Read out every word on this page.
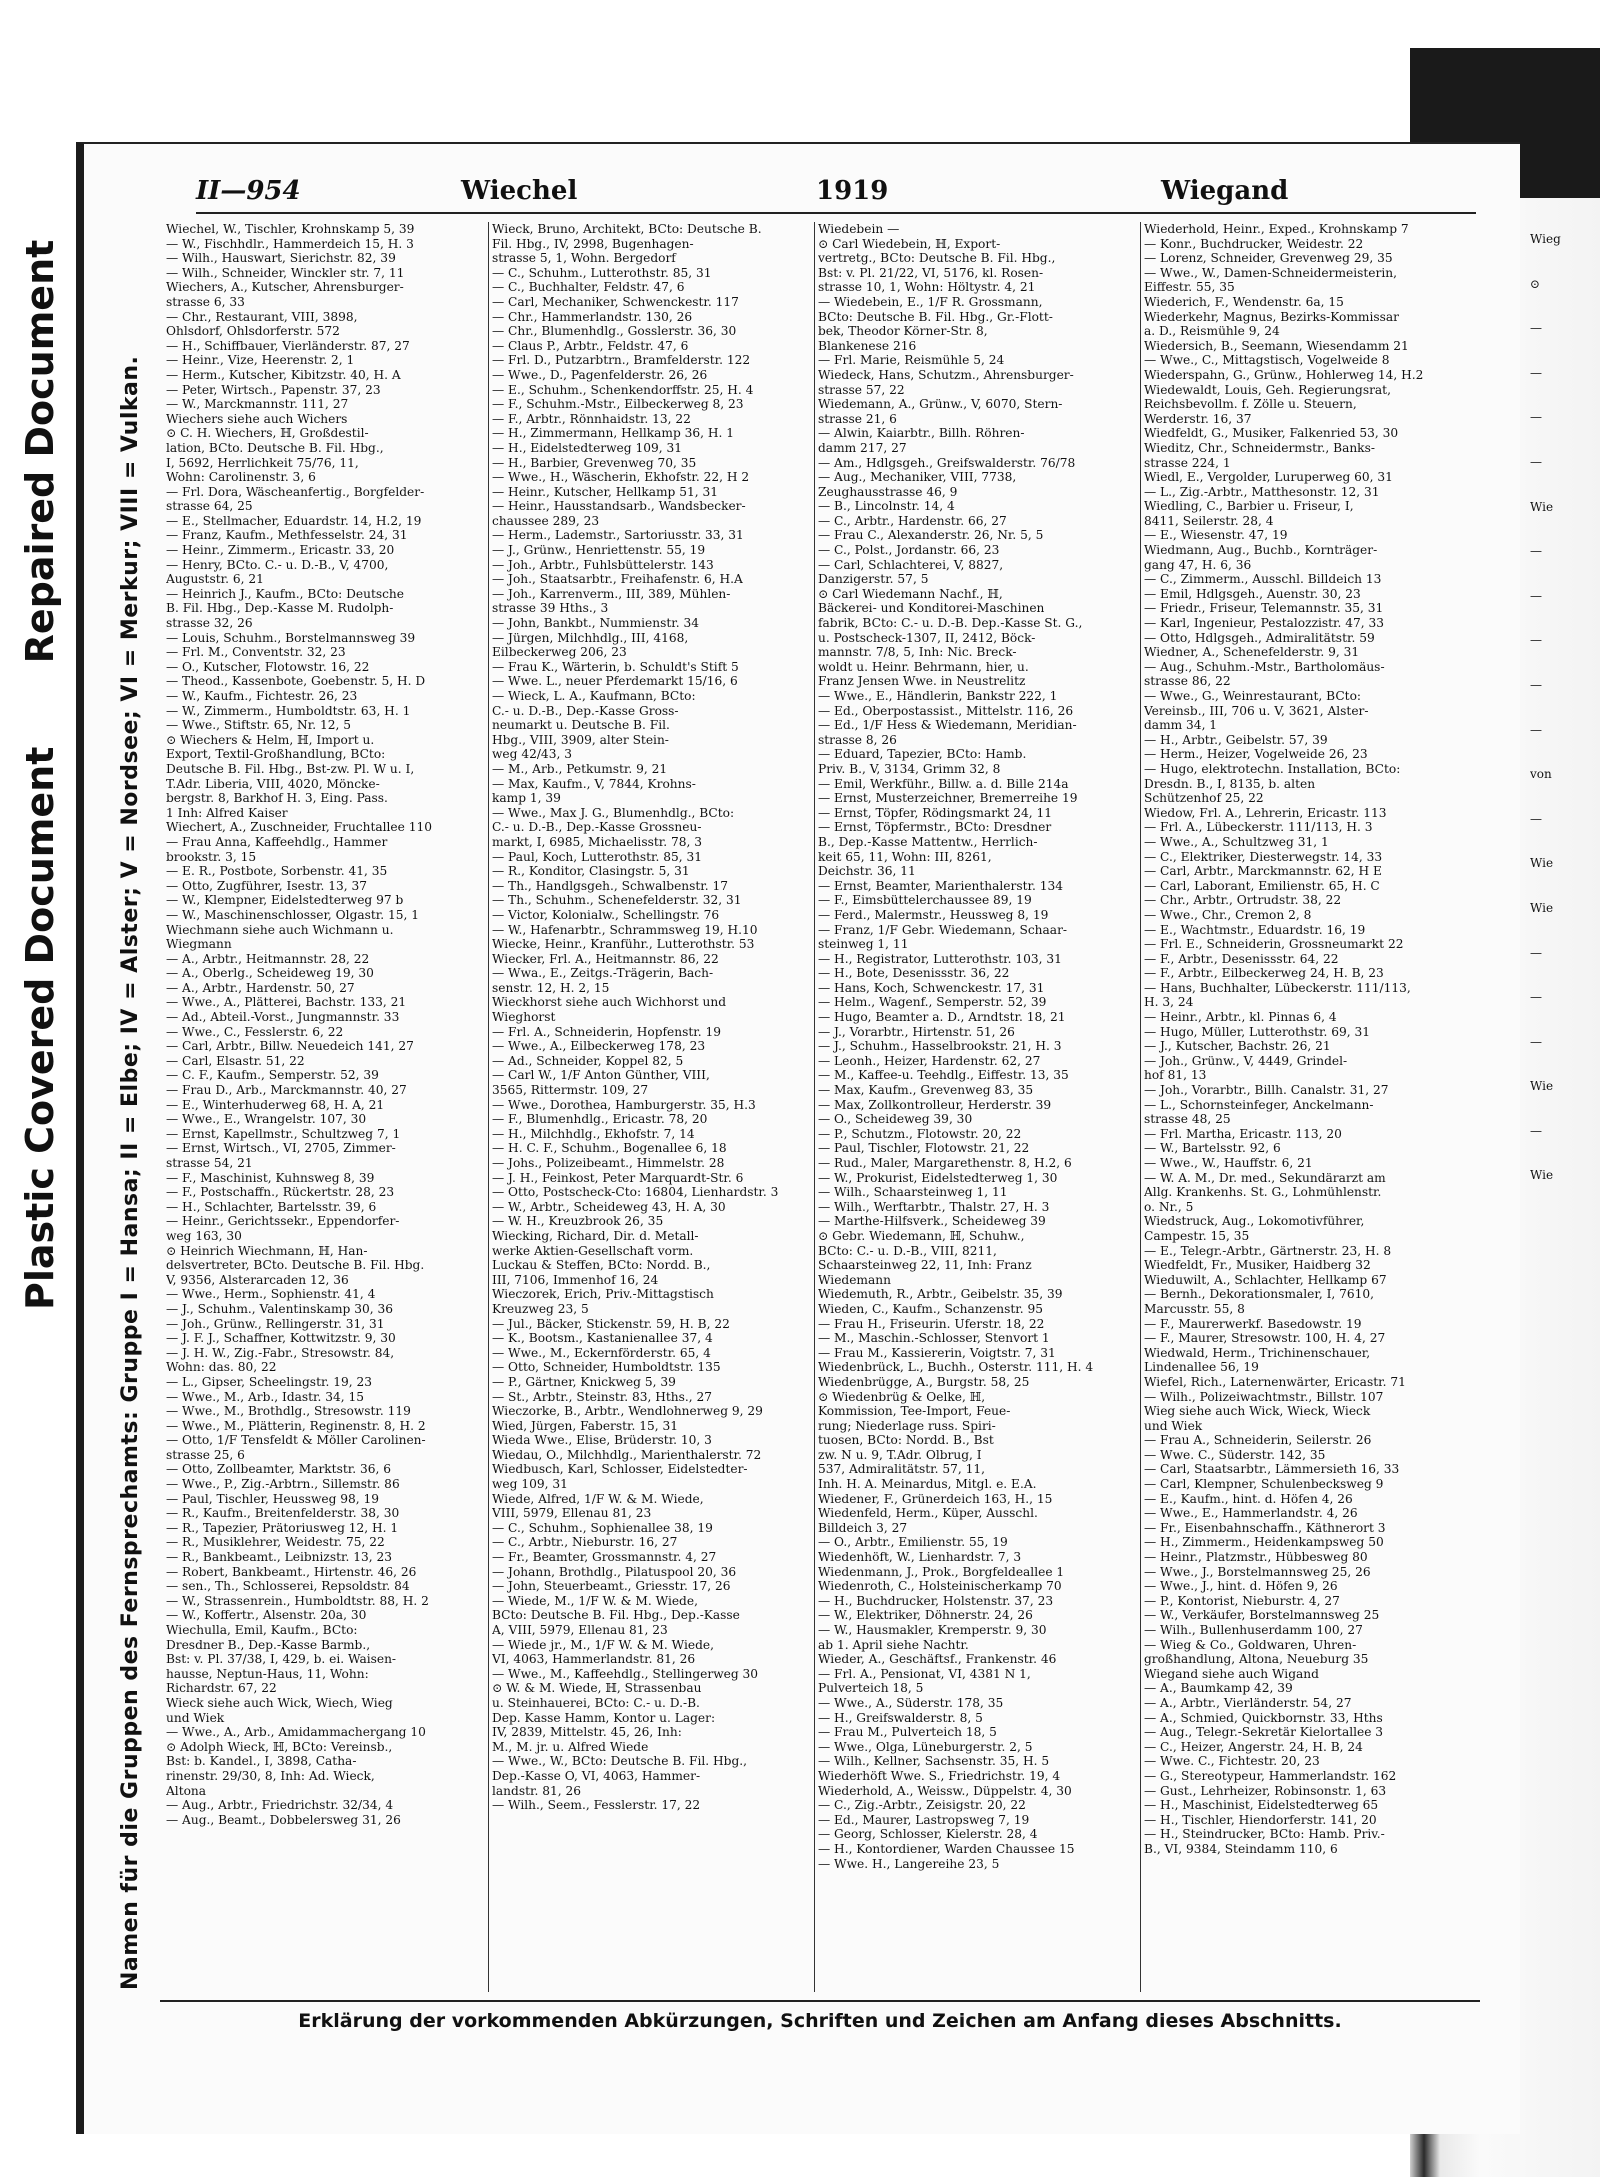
Plastic Covered Document Repaired Document	Namen für die Gruppen des Fernsprechamts: Gruppe I = Hansa; II = Elbe; IV = Alster; V = Nordsee; VI = Merkur; VIII = Vulkan.
II—954	Wiechel	1919	Wiegand

Wiechel, W., Tischler, Krohnskamp 5, 39

— W., Fischhdlr., Hammerdeich 15, H. 3

— Wilh., Hauswart, Sierichstr. 82, 39

— Wilh., Schneider, Winckler str. 7, 11

Wiechers, A., Kutscher, Ahrensburger-

strasse 6, 33

— Chr., Restaurant, VIII, 3898,

Ohlsdorf, Ohlsdorferstr. 572

— H., Schiffbauer, Vierländerstr. 87, 27

— Heinr., Vize, Heerenstr. 2, 1

— Herm., Kutscher, Kibitzstr. 40, H. A

— Peter, Wirtsch., Papenstr. 37, 23

— W., Marckmannstr. 111, 27

Wiechers siehe auch Wichers

⊙ C. H. Wiechers, ℍ, Großdestil-

lation, BCto. Deutsche B. Fil. Hbg.,

I, 5692, Herrlichkeit 75/76, 11,

Wohn: Carolinenstr. 3, 6

— Frl. Dora, Wäscheanfertig., Borgfelder-

strasse 64, 25

— E., Stellmacher, Eduardstr. 14, H.2, 19

— Franz, Kaufm., Methfesselstr. 24, 31

— Heinr., Zimmerm., Ericastr. 33, 20

— Henry, BCto. C.- u. D.-B., V, 4700,

Auguststr. 6, 21

— Heinrich J., Kaufm., BCto: Deutsche

B. Fil. Hbg., Dep.-Kasse M. Rudolph-

strasse 32, 26

— Louis, Schuhm., Borstelmannsweg 39

— Frl. M., Conventstr. 32, 23

— O., Kutscher, Flotowstr. 16, 22

— Theod., Kassenbote, Goebenstr. 5, H. D

— W., Kaufm., Fichtestr. 26, 23

— W., Zimmerm., Humboldtstr. 63, H. 1

— Wwe., Stiftstr. 65, Nr. 12, 5

⊙ Wiechers & Helm, ℍ, Import u.

Export, Textil-Großhandlung, BCto:

Deutsche B. Fil. Hbg., Bst-zw. Pl. W u. I,

T.Adr. Liberia, VIII, 4020, Möncke-

bergstr. 8, Barkhof H. 3, Eing. Pass.

1 Inh: Alfred Kaiser

Wiechert, A., Zuschneider, Fruchtallee 110

— Frau Anna, Kaffeehdlg., Hammer

brookstr. 3, 15

— E. R., Postbote, Sorbenstr. 41, 35

— Otto, Zugführer, Isestr. 13, 37

— W., Klempner, Eidelstedterweg 97 b

— W., Maschinenschlosser, Olgastr. 15, 1

Wiechmann siehe auch Wichmann u.

Wiegmann

— A., Arbtr., Heitmannstr. 28, 22

— A., Oberlg., Scheideweg 19, 30

— A., Arbtr., Hardenstr. 50, 27

— Wwe., A., Plätterei, Bachstr. 133, 21

— Ad., Abteil.-Vorst., Jungmannstr. 33

— Wwe., C., Fesslerstr. 6, 22

— Carl, Arbtr., Billw. Neuedeich 141, 27

— Carl, Elsastr. 51, 22

— C. F., Kaufm., Semperstr. 52, 39

— Frau D., Arb., Marckmannstr. 40, 27

— E., Winterhuderweg 68, H. A, 21

— Wwe., E., Wrangelstr. 107, 30

— Ernst, Kapellmstr., Schultzweg 7, 1

— Ernst, Wirtsch., VI, 2705, Zimmer-

strasse 54, 21

— F., Maschinist, Kuhnsweg 8, 39

— F., Postschaffn., Rückertstr. 28, 23

— H., Schlachter, Bartelsstr. 39, 6

— Heinr., Gerichtssekr., Eppendorfer-

weg 163, 30

⊙ Heinrich Wiechmann, ℍ, Han-

delsvertreter, BCto. Deutsche B. Fil. Hbg.

V, 9356, Alsterarcaden 12, 36

— Wwe., Herm., Sophienstr. 41, 4

— J., Schuhm., Valentinskamp 30, 36

— Joh., Grünw., Rellingerstr. 31, 31

— J. F. J., Schaffner, Kottwitzstr. 9, 30

— J. H. W., Zig.-Fabr., Stresowstr. 84,

Wohn: das. 80, 22

— L., Gipser, Scheelingstr. 19, 23

— Wwe., M., Arb., Idastr. 34, 15

— Wwe., M., Brothdlg., Stresowstr. 119

— Wwe., M., Plätterin, Reginenstr. 8, H. 2

— Otto, 1/F Tensfeldt & Möller Carolinen-

strasse 25, 6

— Otto, Zollbeamter, Marktstr. 36, 6

— Wwe., P., Zig.-Arbtrn., Sillemstr. 86

— Paul, Tischler, Heussweg 98, 19

— R., Kaufm., Breitenfelderstr. 38, 30

— R., Tapezier, Prätoriusweg 12, H. 1

— R., Musiklehrer, Weidestr. 75, 22

— R., Bankbeamt., Leibnizstr. 13, 23

— Robert, Bankbeamt., Hirtenstr. 46, 26

— sen., Th., Schlosserei, Repsoldstr. 84

— W., Strassenrein., Humboldtstr. 88, H. 2

— W., Koffertr., Alsenstr. 20a, 30

Wiechulla, Emil, Kaufm., BCto:

Dresdner B., Dep.-Kasse Barmb.,

Bst: v. Pl. 37/38, I, 429, b. ei. Waisen-

hausse, Neptun-Haus, 11, Wohn:

Richardstr. 67, 22

Wieck siehe auch Wick, Wiech, Wieg

und Wiek

— Wwe., A., Arb., Amidammachergang 10

⊙ Adolph Wieck, ℍ, BCto: Vereinsb.,

Bst: b. Kandel., I, 3898, Catha-

rinenstr. 29/30, 8, Inh: Ad. Wieck,

Altona

— Aug., Arbtr., Friedrichstr. 32/34, 4

— Aug., Beamt., Dobbelersweg 31, 26

Wieck, Bruno, Architekt, BCto: Deutsche B.

Fil. Hbg., IV, 2998, Bugenhagen-

strasse 5, 1, Wohn. Bergedorf

— C., Schuhm., Lutterothstr. 85, 31

— C., Buchhalter, Feldstr. 47, 6

— Carl, Mechaniker, Schwenckestr. 117

— Chr., Hammerlandstr. 130, 26

— Chr., Blumenhdlg., Gosslerstr. 36, 30

— Claus P., Arbtr., Feldstr. 47, 6

— Frl. D., Putzarbtrn., Bramfelderstr. 122

— Wwe., D., Pagenfelderstr. 26, 26

— E., Schuhm., Schenkendorffstr. 25, H. 4

— F., Schuhm.-Mstr., Eilbeckerweg 8, 23

— F., Arbtr., Rönnhaidstr. 13, 22

— H., Zimmermann, Hellkamp 36, H. 1

— H., Eidelstedterweg 109, 31

— H., Barbier, Grevenweg 70, 35

— Wwe., H., Wäscherin, Ekhofstr. 22, H 2

— Heinr., Kutscher, Hellkamp 51, 31

— Heinr., Hausstandsarb., Wandsbecker-

chaussee 289, 23

— Herm., Lademstr., Sartoriusstr. 33, 31

— J., Grünw., Henriettenstr. 55, 19

— Joh., Arbtr., Fuhlsbüttelerstr. 143

— Joh., Staatsarbtr., Freihafenstr. 6, H.A

— Joh., Karrenverm., III, 389, Mühlen-

strasse 39 Hths., 3

— John, Bankbt., Nummienstr. 34

— Jürgen, Milchhdlg., III, 4168,

Eilbeckerweg 206, 23

— Frau K., Wärterin, b. Schuldt's Stift 5

— Wwe. L., neuer Pferdemarkt 15/16, 6

— Wieck, L. A., Kaufmann, BCto:

C.- u. D.-B., Dep.-Kasse Gross-

neumarkt u. Deutsche B. Fil.

Hbg., VIII, 3909, alter Stein-

weg 42/43, 3

— M., Arb., Petkumstr. 9, 21

— Max, Kaufm., V, 7844, Krohns-

kamp 1, 39

— Wwe., Max J. G., Blumenhdlg., BCto:

C.- u. D.-B., Dep.-Kasse Grossneu-

markt, I, 6985, Michaelisstr. 78, 3

— Paul, Koch, Lutterothstr. 85, 31

— R., Konditor, Clasingstr. 5, 31

— Th., Handlgsgeh., Schwalbenstr. 17

— Th., Schuhm., Schenefelderstr. 32, 31

— Victor, Kolonialw., Schellingstr. 76

— W., Hafenarbtr., Schrammsweg 19, H.10

Wiecke, Heinr., Kranführ., Lutterothstr. 53

Wiecker, Frl. A., Heitmannstr. 86, 22

— Wwa., E., Zeitgs.-Trägerin, Bach-

senstr. 12, H. 2, 15

Wieckhorst siehe auch Wichhorst und

Wieghorst

— Frl. A., Schneiderin, Hopfenstr. 19

— Wwe., A., Eilbeckerweg 178, 23

— Ad., Schneider, Koppel 82, 5

— Carl W., 1/F Anton Günther, VIII,

3565, Rittermstr. 109, 27

— Wwe., Dorothea, Hamburgerstr. 35, H.3

— F., Blumenhdlg., Ericastr. 78, 20

— H., Milchhdlg., Ekhofstr. 7, 14

— H. C. F., Schuhm., Bogenallee 6, 18

— Johs., Polizeibeamt., Himmelstr. 28

— J. H., Feinkost, Peter Marquardt-Str. 6

— Otto, Postscheck-Cto: 16804, Lienhardstr. 3

— W., Arbtr., Scheideweg 43, H. A, 30

— W. H., Kreuzbrook 26, 35

Wiecking, Richard, Dir. d. Metall-

werke Aktien-Gesellschaft vorm.

Luckau & Steffen, BCto: Nordd. B.,

III, 7106, Immenhof 16, 24

Wieczorek, Erich, Priv.-Mittagstisch

Kreuzweg 23, 5

— Jul., Bäcker, Stickenstr. 59, H. B, 22

— K., Bootsm., Kastanienallee 37, 4

— Wwe., M., Eckernförderstr. 65, 4

— Otto, Schneider, Humboldtstr. 135

— P., Gärtner, Knickweg 5, 39

— St., Arbtr., Steinstr. 83, Hths., 27

Wieczorke, B., Arbtr., Wendlohnerweg 9, 29

Wied, Jürgen, Faberstr. 15, 31

Wieda Wwe., Elise, Brüderstr. 10, 3

Wiedau, O., Milchhdlg., Marienthalerstr. 72

Wiedbusch, Karl, Schlosser, Eidelstedter-

weg 109, 31

Wiede, Alfred, 1/F W. & M. Wiede,

VIII, 5979, Ellenau 81, 23

— C., Schuhm., Sophienallee 38, 19

— C., Arbtr., Nieburstr. 16, 27

— Fr., Beamter, Grossmannstr. 4, 27

— Johann, Brothdlg., Pilatuspool 20, 36

— John, Steuerbeamt., Griesstr. 17, 26

— Wiede, M., 1/F W. & M. Wiede,

BCto: Deutsche B. Fil. Hbg., Dep.-Kasse

A, VIII, 5979, Ellenau 81, 23

— Wiede jr., M., 1/F W. & M. Wiede,

VI, 4063, Hammerlandstr. 81, 26

— Wwe., M., Kaffeehdlg., Stellingerweg 30

⊙ W. & M. Wiede, ℍ, Strassenbau

u. Steinhauerei, BCto: C.- u. D.-B.

Dep. Kasse Hamm, Kontor u. Lager:

IV, 2839, Mittelstr. 45, 26, Inh:

M., M. jr. u. Alfred Wiede

— Wwe., W., BCto: Deutsche B. Fil. Hbg.,

Dep.-Kasse O, VI, 4063, Hammer-

landstr. 81, 26

— Wilh., Seem., Fesslerstr. 17, 22

Wiedebein —

⊙ Carl Wiedebein, ℍ, Export-

vertretg., BCto: Deutsche B. Fil. Hbg.,

Bst: v. Pl. 21/22, VI, 5176, kl. Rosen-

strasse 10, 1, Wohn: Höltystr. 4, 21

— Wiedebein, E., 1/F R. Grossmann,

BCto: Deutsche B. Fil. Hbg., Gr.-Flott-

bek, Theodor Körner-Str. 8,

Blankenese 216

— Frl. Marie, Reismühle 5, 24

Wiedeck, Hans, Schutzm., Ahrensburger-

strasse 57, 22

Wiedemann, A., Grünw., V, 6070, Stern-

strasse 21, 6

— Alwin, Kaiarbtr., Billh. Röhren-

damm 217, 27

— Am., Hdlgsgeh., Greifswalderstr. 76/78

— Aug., Mechaniker, VIII, 7738,

Zeughausstrasse 46, 9

— B., Lincolnstr. 14, 4

— C., Arbtr., Hardenstr. 66, 27

— Frau C., Alexanderstr. 26, Nr. 5, 5

— C., Polst., Jordanstr. 66, 23

— Carl, Schlachterei, V, 8827,

Danzigerstr. 57, 5

⊙ Carl Wiedemann Nachf., ℍ,

Bäckerei- und Konditorei-Maschinen

fabrik, BCto: C.- u. D.-B. Dep.-Kasse St. G.,

u. Postscheck-1307, II, 2412, Böck-

mannstr. 7/8, 5, Inh: Nic. Breck-

woldt u. Heinr. Behrmann, hier, u.

Franz Jensen Wwe. in Neustrelitz

— Wwe., E., Händlerin, Bankstr 222, 1

— Ed., Oberpostassist., Mittelstr. 116, 26

— Ed., 1/F Hess & Wiedemann, Meridian-

strasse 8, 26

— Eduard, Tapezier, BCto: Hamb.

Priv. B., V, 3134, Grimm 32, 8

— Emil, Werkführ., Billw. a. d. Bille 214a

— Ernst, Musterzeichner, Bremerreihe 19

— Ernst, Töpfer, Rödingsmarkt 24, 11

— Ernst, Töpfermstr., BCto: Dresdner

B., Dep.-Kasse Mattentw., Herrlich-

keit 65, 11, Wohn: III, 8261,

Deichstr. 36, 11

— Ernst, Beamter, Marienthalerstr. 134

— F., Eimsbüttelerchaussee 89, 19

— Ferd., Malermstr., Heussweg 8, 19

— Franz, 1/F Gebr. Wiedemann, Schaar-

steinweg 1, 11

— H., Registrator, Lutterothstr. 103, 31

— H., Bote, Desenissstr. 36, 22

— Hans, Koch, Schwenckestr. 17, 31

— Helm., Wagenf., Semperstr. 52, 39

— Hugo, Beamter a. D., Arndtstr. 18, 21

— J., Vorarbtr., Hirtenstr. 51, 26

— J., Schuhm., Hasselbrookstr. 21, H. 3

— Leonh., Heizer, Hardenstr. 62, 27

— M., Kaffee-u. Teehdlg., Eiffestr. 13, 35

— Max, Kaufm., Grevenweg 83, 35

— Max, Zollkontrolleur, Herderstr. 39

— O., Scheideweg 39, 30

— P., Schutzm., Flotowstr. 20, 22

— Paul, Tischler, Flotowstr. 21, 22

— Rud., Maler, Margarethenstr. 8, H.2, 6

— W., Prokurist, Eidelstedterweg 1, 30

— Wilh., Schaarsteinweg 1, 11

— Wilh., Werftarbtr., Thalstr. 27, H. 3

— Marthe-Hilfsverk., Scheideweg 39

⊙ Gebr. Wiedemann, ℍ, Schuhw.,

BCto: C.- u. D.-B., VIII, 8211,

Schaarsteinweg 22, 11, Inh: Franz

Wiedemann

Wiedemuth, R., Arbtr., Geibelstr. 35, 39

Wieden, C., Kaufm., Schanzenstr. 95

— Frau H., Friseurin. Uferstr. 18, 22

— M., Maschin.-Schlosser, Stenvort 1

— Frau M., Kassiererin, Voigtstr. 7, 31

Wiedenbrück, L., Buchh., Osterstr. 111, H. 4

Wiedenbrügge, A., Burgstr. 58, 25

⊙ Wiedenbrüg & Oelke, ℍ,

Kommission, Tee-Import, Feue-

rung; Niederlage russ. Spiri-

tuosen, BCto: Nordd. B., Bst

zw. N u. 9, T.Adr. Olbrug, I

537, Admiralitätstr. 57, 11,

Inh. H. A. Meinardus, Mitgl. e. E.A.

Wiedener, F., Grünerdeich 163, H., 15

Wiedenfeld, Herm., Küper, Ausschl.

Billdeich 3, 27

— O., Arbtr., Emilienstr. 55, 19

Wiedenhöft, W., Lienhardstr. 7, 3

Wiedenmann, J., Prok., Borgfeldeallee 1

Wiedenroth, C., Holsteinischerkamp 70

— H., Buchdrucker, Holstenstr. 37, 23

— W., Elektriker, Döhnerstr. 24, 26

— W., Hausmakler, Kremperstr. 9, 30

ab 1. April siehe Nachtr.

Wieder, A., Geschäftsf., Frankenstr. 46

— Frl. A., Pensionat, VI, 4381 N 1,

Pulverteich 18, 5

— Wwe., A., Süderstr. 178, 35

— H., Greifswalderstr. 8, 5

— Frau M., Pulverteich 18, 5

— Wwe., Olga, Lüneburgerstr. 2, 5

— Wilh., Kellner, Sachsenstr. 35, H. 5

Wiederhöft Wwe. S., Friedrichstr. 19, 4

Wiederhold, A., Weissw., Düppelstr. 4, 30

— C., Zig.-Arbtr., Zeisigstr. 20, 22

— Ed., Maurer, Lastropsweg 7, 19

— Georg, Schlosser, Kielerstr. 28, 4

— H., Kontordiener, Warden Chaussee 15

— Wwe. H., Langereihe 23, 5

Wiederhold, Heinr., Exped., Krohnskamp 7

— Konr., Buchdrucker, Weidestr. 22

— Lorenz, Schneider, Grevenweg 29, 35

— Wwe., W., Damen-Schneidermeisterin,

Eiffestr. 55, 35

Wiederich, F., Wendenstr. 6a, 15

Wiederkehr, Magnus, Bezirks-Kommissar

a. D., Reismühle 9, 24

Wiedersich, B., Seemann, Wiesendamm 21

— Wwe., C., Mittagstisch, Vogelweide 8

Wiederspahn, G., Grünw., Hohlerweg 14, H.2

Wiedewaldt, Louis, Geh. Regierungsrat,

Reichsbevollm. f. Zölle u. Steuern,

Werderstr. 16, 37

Wiedfeldt, G., Musiker, Falkenried 53, 30

Wieditz, Chr., Schneidermstr., Banks-

strasse 224, 1

Wiedl, E., Vergolder, Luruperweg 60, 31

— L., Zig.-Arbtr., Matthesonstr. 12, 31

Wiedling, C., Barbier u. Friseur, I,

8411, Seilerstr. 28, 4

— E., Wiesenstr. 47, 19

Wiedmann, Aug., Buchb., Kornträger-

gang 47, H. 6, 36

— C., Zimmerm., Ausschl. Billdeich 13

— Emil, Hdlgsgeh., Auenstr. 30, 23

— Friedr., Friseur, Telemannstr. 35, 31

— Karl, Ingenieur, Pestalozzistr. 47, 33

— Otto, Hdlgsgeh., Admiralitätstr. 59

Wiedner, A., Schenefelderstr. 9, 31

— Aug., Schuhm.-Mstr., Bartholomäus-

strasse 86, 22

— Wwe., G., Weinrestaurant, BCto:

Vereinsb., III, 706 u. V, 3621, Alster-

damm 34, 1

— H., Arbtr., Geibelstr. 57, 39

— Herm., Heizer, Vogelweide 26, 23

— Hugo, elektrotechn. Installation, BCto:

Dresdn. B., I, 8135, b. alten

Schützenhof 25, 22

Wiedow, Frl. A., Lehrerin, Ericastr. 113

— Frl. A., Lübeckerstr. 111/113, H. 3

— Wwe., A., Schultzweg 31, 1

— C., Elektriker, Diesterwegstr. 14, 33

— Carl, Arbtr., Marckmannstr. 62, H E

— Carl, Laborant, Emilienstr. 65, H. C

— Chr., Arbtr., Ortrudstr. 38, 22

— Wwe., Chr., Cremon 2, 8

— E., Wachtmstr., Eduardstr. 16, 19

— Frl. E., Schneiderin, Grossneumarkt 22

— F., Arbtr., Desenissstr. 64, 22

— F., Arbtr., Eilbeckerweg 24, H. B, 23

— Hans, Buchhalter, Lübeckerstr. 111/113,

H. 3, 24

— Heinr., Arbtr., kl. Pinnas 6, 4

— Hugo, Müller, Lutterothstr. 69, 31

— J., Kutscher, Bachstr. 26, 21

— Joh., Grünw., V, 4449, Grindel-

hof 81, 13

— Joh., Vorarbtr., Billh. Canalstr. 31, 27

— L., Schornsteinfeger, Anckelmann-

strasse 48, 25

— Frl. Martha, Ericastr. 113, 20

— W., Bartelsstr. 92, 6

— Wwe., W., Hauffstr. 6, 21

— W. A. M., Dr. med., Sekundärarzt am

Allg. Krankenhs. St. G., Lohmühlenstr.

o. Nr., 5

Wiedstruck, Aug., Lokomotivführer,

Campestr. 15, 35

— E., Telegr.-Arbtr., Gärtnerstr. 23, H. 8

Wiedfeldt, Fr., Musiker, Haidberg 32

Wieduwilt, A., Schlachter, Hellkamp 67

— Bernh., Dekorationsmaler, I, 7610,

Marcusstr. 55, 8

— F., Maurerwerkf. Basedowstr. 19

— F., Maurer, Stresowstr. 100, H. 4, 27

Wiedwald, Herm., Trichinenschauer,

Lindenallee 56, 19

Wiefel, Rich., Laternenwärter, Ericastr. 71

— Wilh., Polizeiwachtmstr., Billstr. 107

Wieg siehe auch Wick, Wieck, Wieck

und Wiek

— Frau A., Schneiderin, Seilerstr. 26

— Wwe. C., Süderstr. 142, 35

— Carl, Staatsarbtr., Lämmersieth 16, 33

— Carl, Klempner, Schulenbecksweg 9

— E., Kaufm., hint. d. Höfen 4, 26

— Wwe., E., Hammerlandstr. 4, 26

— Fr., Eisenbahnschaffn., Käthnerort 3

— H., Zimmerm., Heidenkampsweg 50

— Heinr., Platzmstr., Hübbesweg 80

— Wwe., J., Borstelmannsweg 25, 26

— Wwe., J., hint. d. Höfen 9, 26

— P., Kontorist, Nieburstr. 4, 27

— W., Verkäufer, Borstelmannsweg 25

— Wilh., Bullenhuserdamm 100, 27

— Wieg & Co., Goldwaren, Uhren-

großhandlung, Altona, Neueburg 35

Wiegand siehe auch Wigand

— A., Baumkamp 42, 39

— A., Arbtr., Vierländerstr. 54, 27

— A., Schmied, Quickbornstr. 33, Hths

— Aug., Telegr.-Sekretär Kielortallee 3

— C., Heizer, Angerstr. 24, H. B, 24

— Wwe. C., Fichtestr. 20, 23

— G., Stereotypeur, Hammerlandstr. 162

— Gust., Lehrheizer, Robinsonstr. 1, 63

— H., Maschinist, Eidelstedterweg 65

— H., Tischler, Hiendorferstr. 141, 20

— H., Steindrucker, BCto: Hamb. Priv.-

B., VI, 9384, Steindamm 110, 6

Wieg

⊙

—

—

—

—

Wie

—

—

—

—

—

von

—

Wie

Wie

—

—

—

Wie

—

Wie

Erklärung der vorkommenden Abkürzungen, Schriften und Zeichen am Anfang dieses Abschnitts.
